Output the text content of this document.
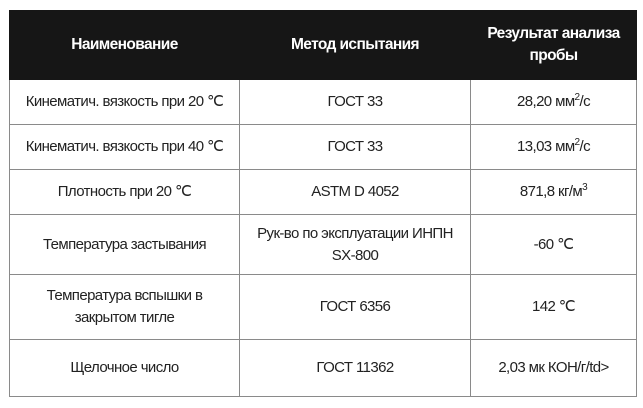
Наименование	Метод испытания	Результат анализа пробы
Кинематич. вязкость при 20 ℃	ГОСТ 33	28,20 $мм^2/с$
Кинематич. вязкость при 40 ℃	ГОСТ 33	13,03 $мм^2/с$
Плотность при 20 ℃	ASTM D 4052	871,8 $кг/м^3$
Температура застывания	Рук-во по эксплуатации ИНПН SX-800	-60 ℃
Температура вспышки в закрытом тигле	ГОСТ 6356	142 ℃
Щелочное число	ГОСТ 11362	2,03 мк КОН/г/td>
